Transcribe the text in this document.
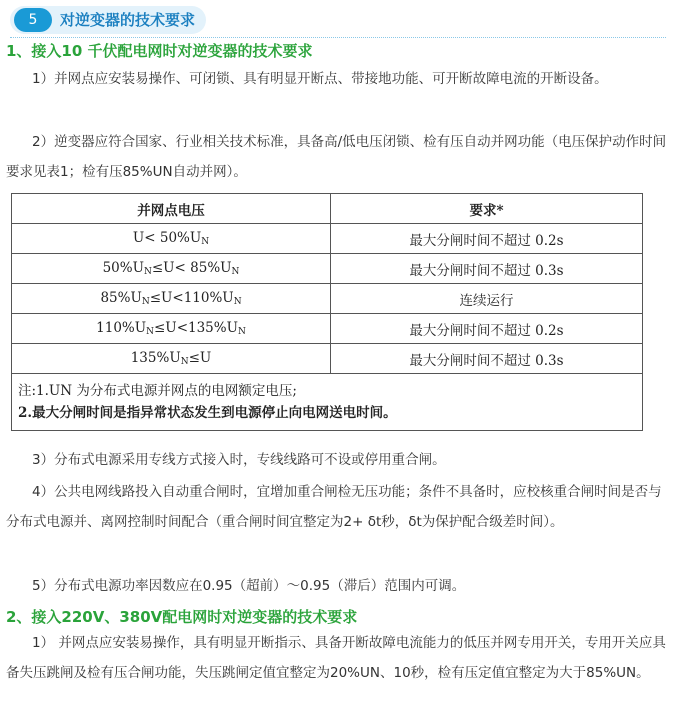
5	对逆变器的技术要求
1、接入10 千伏配电网时对逆变器的技术要求

1）并网点应安装易操作、可闭锁、具有明显开断点、带接地功能、可开断故障电流的开断设备。

2）逆变器应符合国家、行业相关技术标准，具备高/低电压闭锁、检有压自动并网功能（电压保护动作时间要求见表1；检有压85%UN自动并网）。

并网点电压	要求*
$U< 50\%U_N$	最大分闸时间不超过 0.2s
$50\%U_N\le U< 85\%U_N$	最大分闸时间不超过 0.3s
$85\%U_N\le U<110\%U_N$	连续运行
$110\%U_N\le U<135\%U_N$	最大分闸时间不超过 0.2s
$135\%U_N\le U$	最大分闸时间不超过 0.3s

注:1.UN 为分布式电源并网点的电网额定电压;
2.最大分闸时间是指异常状态发生到电源停止向电网送电时间。	

3）分布式电源采用专线方式接入时，专线线路可不设或停用重合闸。

4）公共电网线路投入自动重合闸时，宜增加重合闸检无压功能；条件不具备时，应校核重合闸时间是否与分布式电源并、离网控制时间配合（重合闸时间宜整定为2+ δt秒，δt为保护配合级差时间）。

5）分布式电源功率因数应在0.95（超前）～0.95（滞后）范围内可调。

2、接入220V、380V配电网时对逆变器的技术要求

1） 并网点应安装易操作，具有明显开断指示、具备开断故障电流能力的低压并网专用开关，专用开关应具备失压跳闸及检有压合闸功能，失压跳闸定值宜整定为20%UN、10秒，检有压定值宜整定为大于85%UN。
